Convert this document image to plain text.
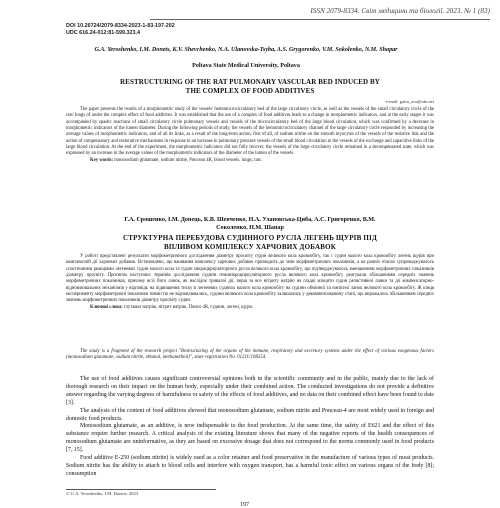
ISSN 2079-8334. Світ медицини та біології. 2023. № 1 (83)
DOI 10.26724/2079-8334-2023-1-83-197-202
UDC 616.24-012:81-599.323.4
G.A. Yeroshenko, I.M. Donets, K.V. Shevchenko, N.A. Ulanovska-Tsyba, A.S. Grygorenko, V.M. Sokolenko, N.M. Shapar
Poltava State Medical University, Poltava
RESTRUCTURING OF THE RAT PULMONARY VASCULAR BED INDUCED BY THE COMPLEX OF FOOD ADDITIVES
e-mail: galin_ero@ukr.net

The paper presents the results of a morphometric study of the vessels' hemomicrocirculatory bed of the large circulatory circle, as well as the vessels of the small circulatory circle of the rats' lungs of under the complex effect of food additives. It was established that the use of a complex of food additives leads to a change in morphometric indicators, and at the early stages it was accompanied by spastic reactions of small circulatory circle pulmonary vessels and vessels of the microcirculatory bed of the large blood circulation, which was confirmed by a decrease in morphometric indicators of the lumen diameter. During the following periods of study, the vessels of the hemomicrocirculatory channel of the large circulatory circle responded by increasing the average values of morphometric indicators, and of all its links, as a result of the long-term action, first of all, of sodium nitrite on the smooth myocytes of the vessels of the resistive link and the action of compensatory and restorative mechanisms in response to an increase in pulmonary pressure vessels of the small blood circulation to the vessels of the exchange and capacitive links of the large blood circulation. At the end of the experiment, the morphometric indicators did not fully recover, the vessels of the large circulatory circle remained in a decompensated state, which was expressed by an increase in the average values of the morphometric indicators of the diameter of the lumen of the vessels.

Key words: monosodium glutamate, sodium nitrite, Ponceau 4R, blood vessels, lungs, rats.

Г.А. Єрошенко, І.М. Донець, К.В. Шевченко, Н.А. Улановська-Циба, А.С. Григоренко, В.М. Соколенко, Н.М. Шапар
СТРУКТУРНА ПЕРЕБУДОВА СУДИННОГО РУСЛА ЛЕГЕНЬ ЩУРІВ ПІД ВПЛИВОМ КОМПЛЕКСУ ХАРЧОВИХ ДОБАВОК

У роботі представлені результати морфометричного дослідження діаметру просвіту судин великого кола кровообігу, так і судин малого кола кровообігу легень щурів при комплексній дії харчових добавок. Встановлено, що вживання комплексу харчових добавок призводить до змін морфометричних показників, а на ранніх етапах супроводжувалось спастичними реакціями легеневих судин малого кола та судин мікроциркуляторного русла великого кола кровообігу, що підтверджувалось зменшенням морфометричних показників діаметру просвіту. Протягом наступних термінів дослідження судини гемомікроциркуляторного русла великого кола кровообігу реагували збільшенням середніх значень морфометричних показників, причому всіх його ланок, як наслідок тривалої дії, перш за все нітриту натрію на гладкі міоцити судин резистивної ланки та дії компенсаторно-відновлювальних механізмів у відповідь на підвищення тиску в легеневих судинах малого кола кровообігу на судини обмінної та ємнісної ланок великого кола кровообігу. Ж кінця експерименту морфометричні показники повністю не відновлювались, судини великого кола кровообігу залишались у декомпенсованому стані, що виражалось збільшенням середніх значень морфометричних показників діаметру просвіту судин.

Ключові слова: глутамат натрію, нітрит натрію, Понсо 4R, судини, легені, щури.

The study is a fragment of the research project "Restructuring of the organs of the immune, respiratory and excretory systems under the effect of various exogenous factors (monosodium glutamate, sodium nitrite, ethanol, methanethiol)", state registration No. 0121U108254.

The use of food additives causes significant controversial opinions both in the scientific community and in the public, mainly due to the lack of thorough research on their impact on the human body, especially under their combined action. The conducted investigations do not provide a definitive answer regarding the varying degrees of harmfulness or safety of the effects of food additives, and no data on their combined effect have been found to date [3].

The analysis of the content of food additives showed that monosodium glutamate, sodium nitrite and Ponceau-4 are most widely used in foreign and domestic food products.

Monosodium glutamate, as an additive, is now indispensable to the food production. At the same time, the safety of E621 and the effect of this substance require further research. A critical analysis of the existing literature shows that many of the negative reports of the health consequences of monosodium glutamate are uninformative, as they are based on excessive dosage that does not correspond to the norms commonly used in food products [7, 15].

Food additive E-250 (sodium nitrite) is widely used as a color retainer and food preservative in the manufacture of various types of meat products. Sodium nitrite has the ability to attach to blood cells and interfere with oxygen transport, has a harmful toxic effect on various organs of the body [8]; consumption

© G.A. Yeroshenko, I.M. Donets, 2023
197
